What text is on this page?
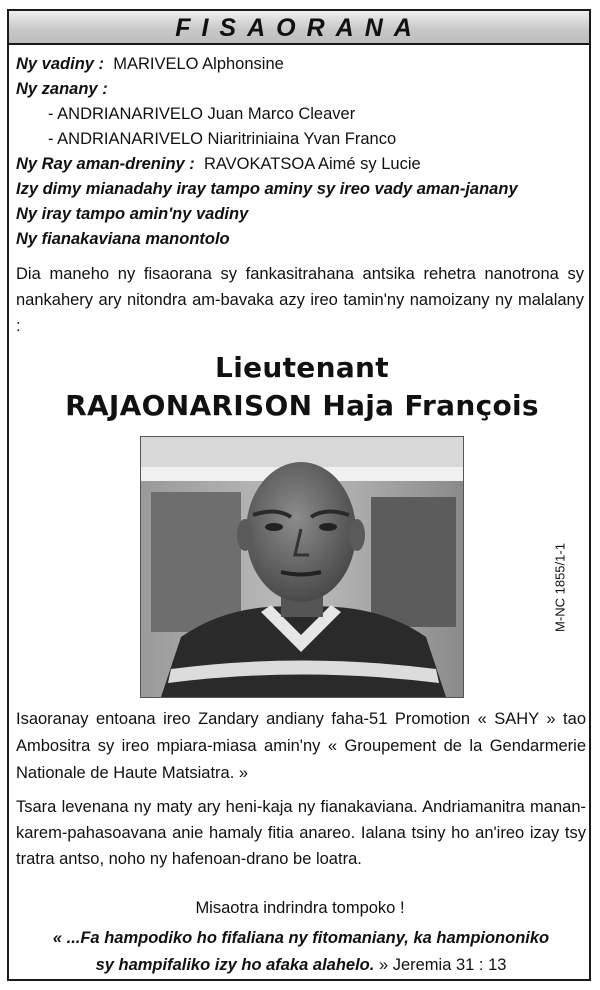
FISAORANA
Ny vadiny : MARIVELO Alphonsine
Ny zanany :
- ANDRIANARIVELO Juan Marco Cleaver
- ANDRIANARIVELO Niaritriniaina Yvan Franco
Ny Ray aman-dreniny : RAVOKATSOA Aimé sy Lucie
Izy dimy mianadahy iray tampo aminy sy ireo vady aman-janany
Ny iray tampo amin'ny vadiny
Ny fianakaviana manontolo
Dia maneho ny fisaorana sy fankasitrahana antsika rehetra nanotrona sy nankahery ary nitondra am-bavaka azy ireo tamin'ny namoizany ny malalany :
Lieutenant
RAJAONARISON Haja François
M-NC 1855/1-1
Isaoranay entoana ireo Zandary andiany faha-51 Promotion « SAHY » tao Ambositra sy ireo mpiara-miasa amin'ny « Groupement de la Gendarmerie Nationale de Haute Matsiatra. »
Tsara levenana ny maty ary heni-kaja ny fianakaviana. Andriamanitra manan-karem-pahasoavana anie hamaly fitia anareo. Ialana tsiny ho an'ireo izay tsy tratra antso, noho ny hafenoan-drano be loatra.
Misaotra indrindra tompoko !
« ...Fa hampodiko ho fifaliana ny fitomaniany, ka hampiononiko
sy hampifaliko izy ho afaka alahelo. » Jeremia 31 : 13
